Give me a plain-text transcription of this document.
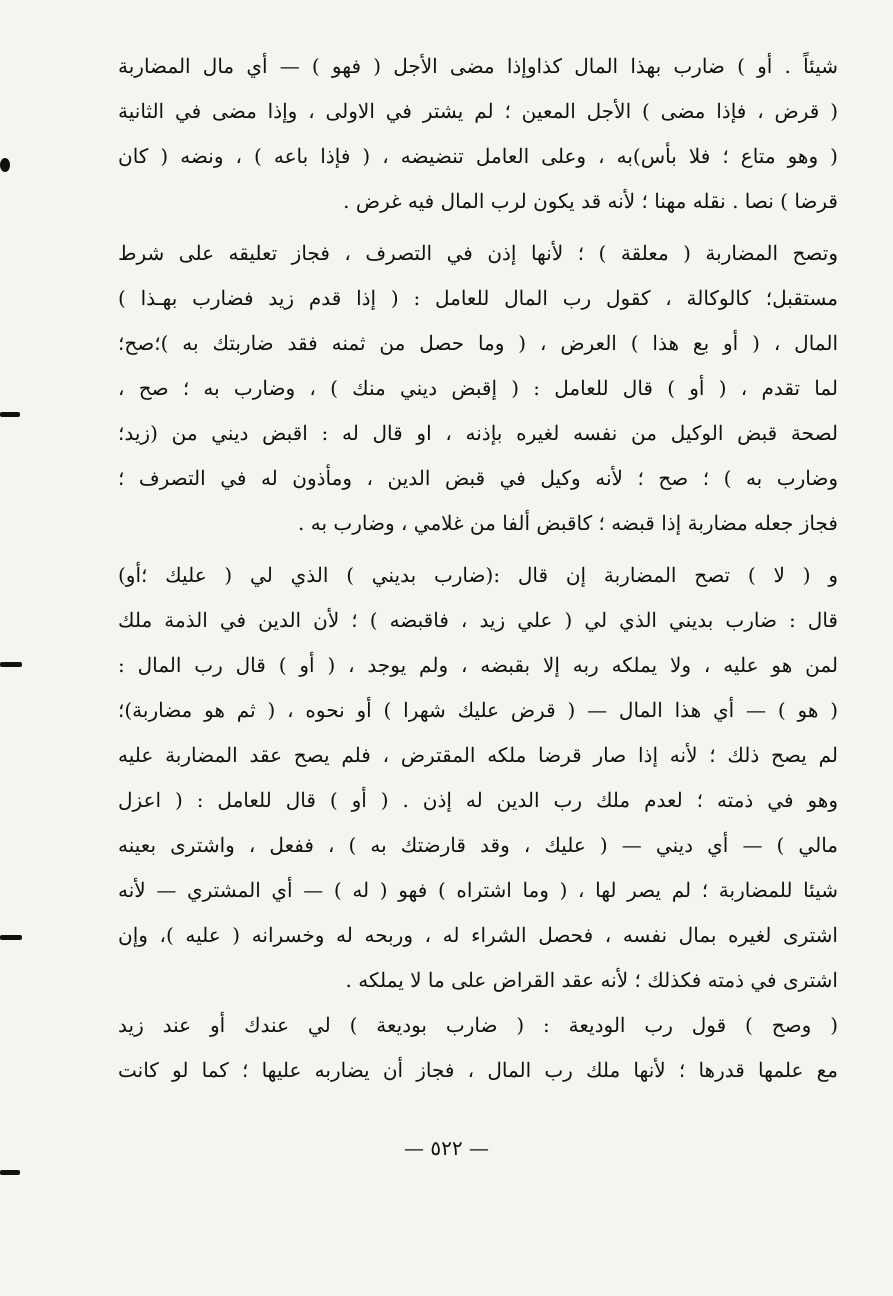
شيئاً . أو ) ضارب بهذا المال كذاوإذا مضى الأجل ( فهو ) — أي مال المضاربة
( قرض ، فإذا مضى ) الأجل المعين ؛ لم يشتر في الاولى ، وإذا مضى في الثانية
( وهو متاع ؛ فلا بأس)به ، وعلى العامل تنضيضه ، ( فإذا باعه ) ، ونضه ( كان
قرضا ) نصا . نقله مهنا ؛ لأنه قد يكون لرب المال فيه غرض .
وتصح المضاربة ( معلقة ) ؛ لأنها إذن في التصرف ، فجاز تعليقه على شرط
مستقبل؛ كالوكالة ، كقول رب المال للعامل : ( إذا قدم زيد فضارب بهـذا )
المال ، ( أو بع هذا ) العرض ، ( وما حصل من ثمنه فقد ضاربتك به )؛صح؛
لما تقدم ، ( أو ) قال للعامل : ( إقبض ديني منك ) ، وضارب به ؛ صح ،
لصحة قبض الوكيل من نفسه لغيره بإذنه ، او قال له : اقبض ديني من (زيد؛
وضارب به ) ؛ صح ؛ لأنه وكيل في قبض الدين ، ومأذون له في التصرف ؛
فجاز جعله مضاربة إذا قبضه ؛ كاقبض ألفا من غلامي ، وضارب به .
و ( لا ) تصح المضاربة إن قال :(ضارب بديني ) الذي لي ( عليك ؛أو)
قال : ضارب بديني الذي لي ( علي زيد ، فاقبضه ) ؛ لأن الدين في الذمة ملك
لمن هو عليه ، ولا يملكه ربه إلا بقبضه ، ولم يوجد ، ( أو ) قال رب المال :
( هو ) — أي هذا المال — ( قرض عليك شهرا ) أو نحوه ، ( ثم هو مضاربة)؛
لم يصح ذلك ؛ لأنه إذا صار قرضا ملكه المقترض ، فلم يصح عقد المضاربة عليه
وهو في ذمته ؛ لعدم ملك رب الدين له إذن . ( أو ) قال للعامل : ( اعزل
مالي ) — أي ديني — ( عليك ، وقد قارضتك به ) ، ففعل ، واشترى بعينه
شيئا للمضاربة ؛ لم يصر لها ، ( وما اشتراه ) فهو ( له ) — أي المشتري — لأنه
اشترى لغيره بمال نفسه ، فحصل الشراء له ، وربحه له وخسرانه ( عليه )، وإن
اشترى في ذمته فكذلك ؛ لأنه عقد القراض على ما لا يملكه .
( وصح ) قول رب الوديعة : ( ضارب بوديعة ) لي عندك أو عند زيد
مع علمها قدرها ؛ لأنها ملك رب المال ، فجاز أن يضاربه عليها ؛ كما لو كانت
— ٥٢٢ —
